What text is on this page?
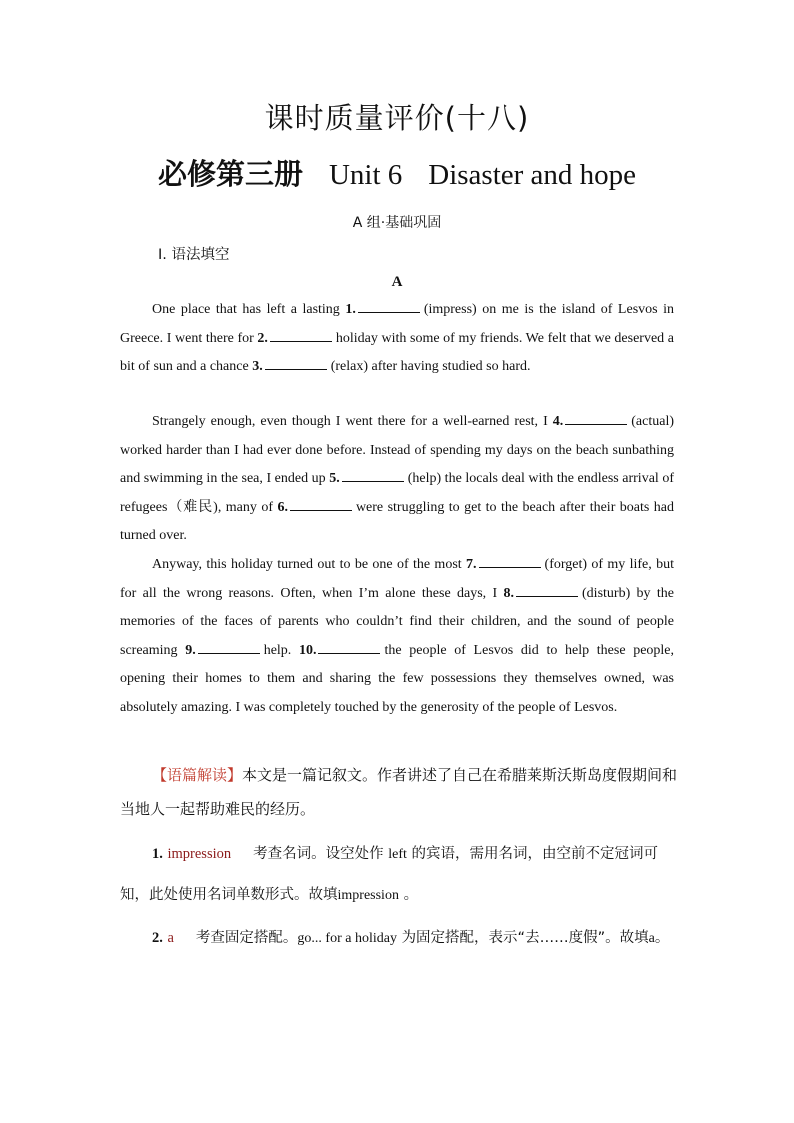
课时质量评价(十八)
必修第三册 Unit 6 Disaster and hope
A 组·基础巩固
Ⅰ. 语法填空
A

One place that has left a lasting 1.	(impress) on me is the island of Lesvos in Greece. I went there for 2.	holiday with some of my friends. We felt that we deserved a bit of sun and a chance 3.	(relax) after having studied so hard.

Strangely enough, even though I went there for a well-earned rest, I 4.	(actual) worked harder than I had ever done before. Instead of spending my days on the beach sunbathing and swimming in the sea, I ended up 5.	(help) the locals deal with the endless arrival of refugees（难民), many of 6.	were struggling to get to the beach after their boats had turned over.

Anyway, this holiday turned out to be one of the most 7.	(forget) of my life, but for all the wrong reasons. Often, when I’m alone these days, I 8.	(disturb) by the memories of the faces of parents who couldn’t find their children, and the sound of people screaming 9.	help. 10.	the people of Lesvos did to help these people, opening their homes to them and sharing the few possessions they themselves owned, was absolutely amazing. I was completely touched by the generosity of the people of Lesvos.

【语篇解读】本文是一篇记叙文。作者讲述了自己在希腊莱斯沃斯岛度假期间和当地人一起帮助难民的经历。
1. impression 考查名词。设空处作 left 的宾语，需用名词，由空前不定冠词可知，此处使用名词单数形式。故填impression 。
2. a 考查固定搭配。go... for a holiday 为固定搭配，表示“去……度假”。故填a。
